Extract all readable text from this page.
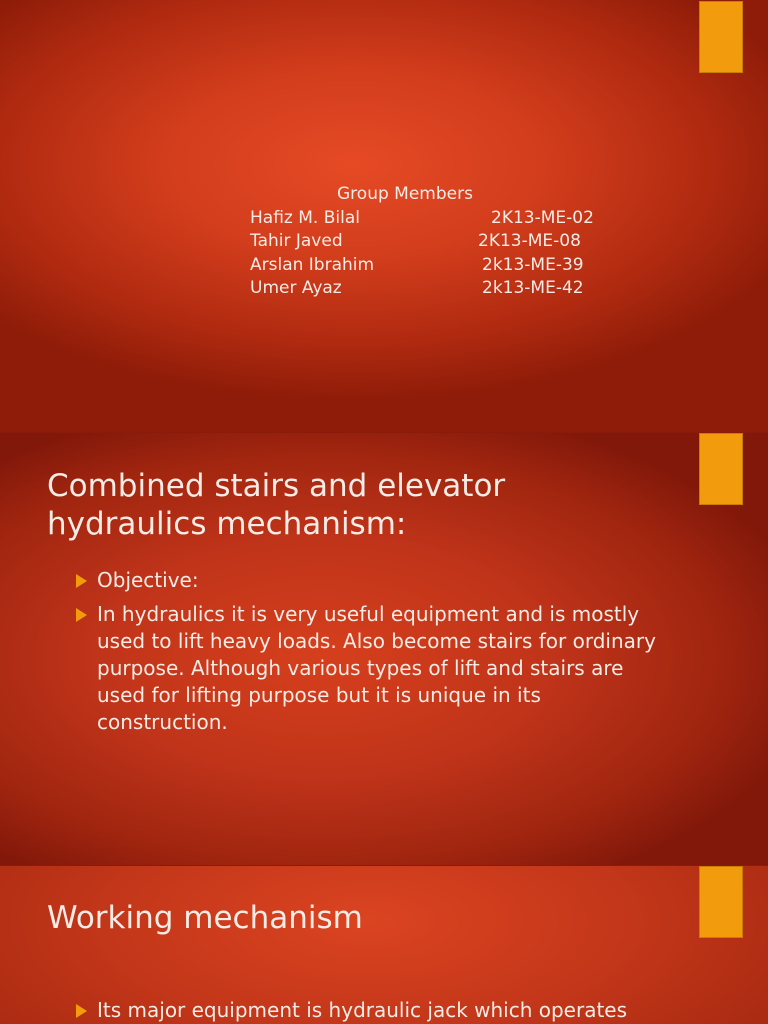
Group Members
Hafiz M. Bilal	2K13-ME-02
Tahir Javed	2K13-ME-08
Arslan Ibrahim	2k13-ME-39
Umer Ayaz	2k13-ME-42
Combined stairs and elevator hydraulics mechanism:
Objective:
In hydraulics it is very useful equipment and is mostly used to lift heavy loads. Also become stairs for ordinary purpose. Although various types of lift and stairs are used for lifting purpose but it is unique in its construction.
Working mechanism
Its major equipment is hydraulic jack which operates
